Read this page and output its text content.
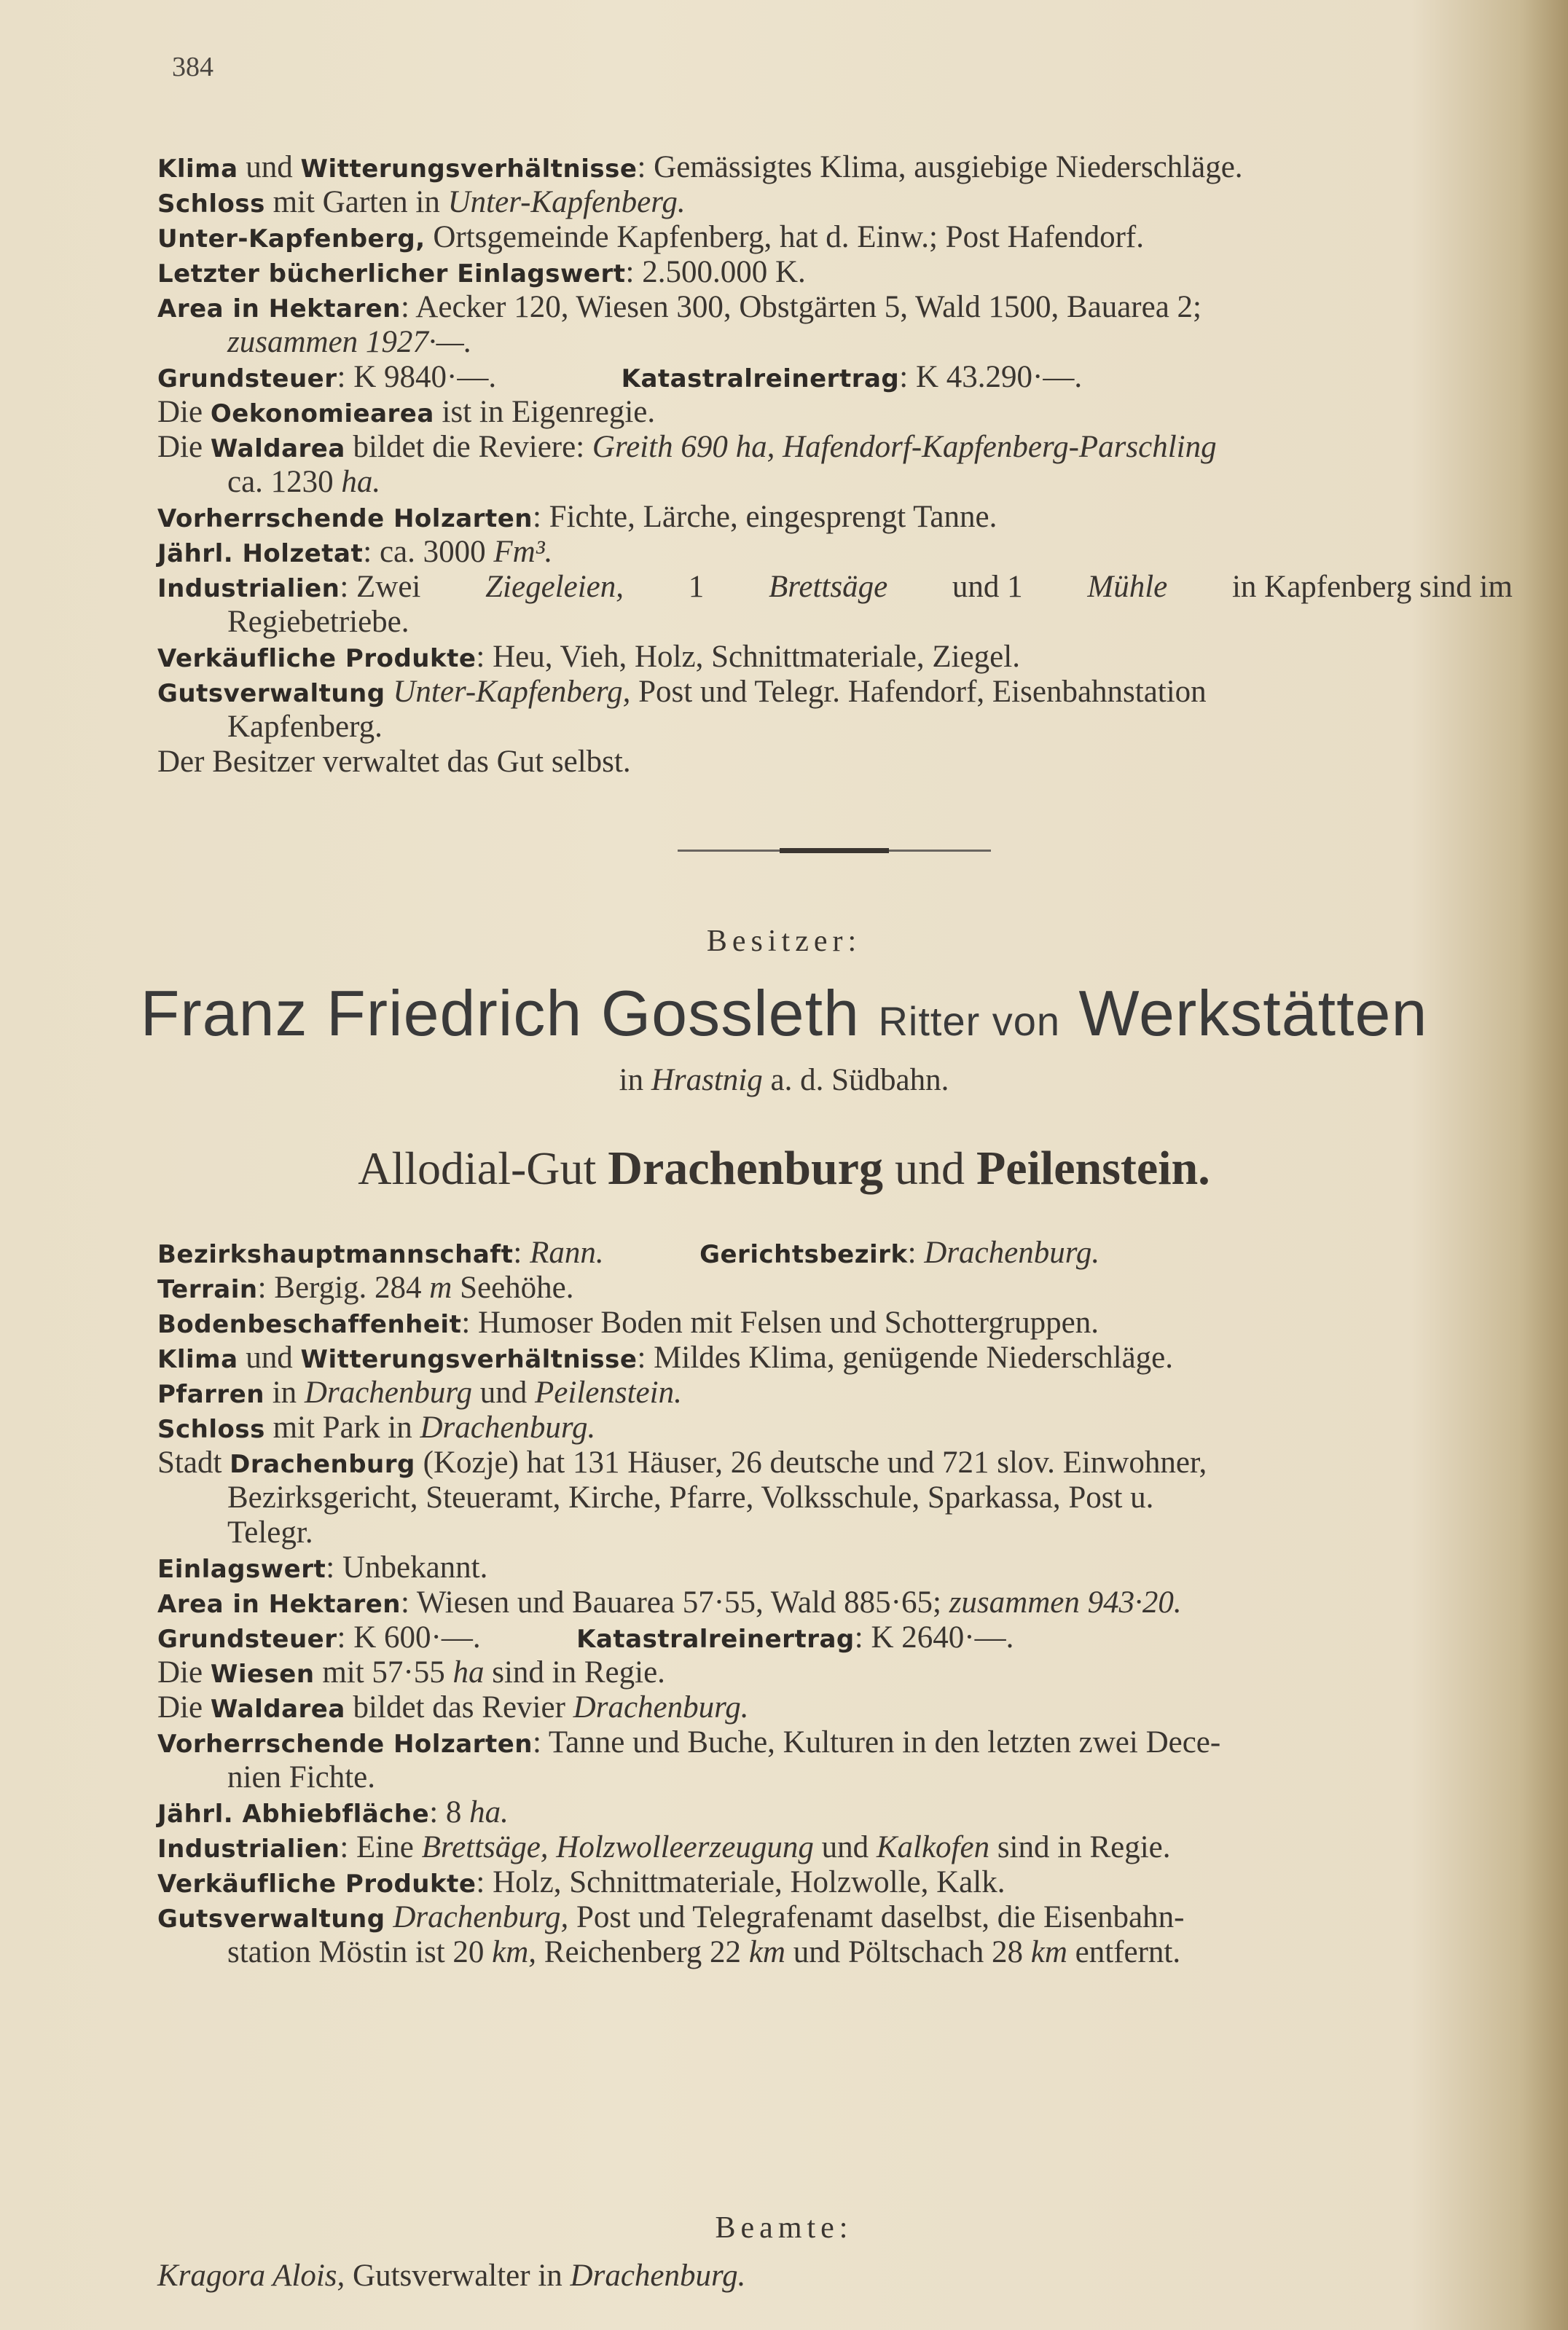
384
Klima und Witterungsverhältnisse: Gemässigtes Klima, ausgiebige Niederschläge.
Schloss mit Garten in Unter-Kapfenberg.
Unter-Kapfenberg, Ortsgemeinde Kapfenberg, hat d. Einw.; Post Hafendorf.
Letzter bücherlicher Einlagswert: 2.500.000 K.
Area in Hektaren: Aecker 120, Wiesen 300, Obstgärten 5, Wald 1500, Bauarea 2;
zusammen 1927·—.
Grundsteuer: K 9840·—.	Katastralreinertrag: K 43.290·—.
Die Oekonomiearea ist in Eigenregie.
Die Waldarea bildet die Reviere: Greith 690 ha, Hafendorf-Kapfenberg-Parschling
ca. 1230 ha.
Vorherrschende Holzarten: Fichte, Lärche, eingesprengt Tanne.
Jährl. Holzetat: ca. 3000 Fm³.
Industrialien: Zwei Ziegeleien, 1 Brettsäge und 1 Mühle in Kapfenberg sind im
Regiebetriebe.
Verkäufliche Produkte: Heu, Vieh, Holz, Schnittmateriale, Ziegel.
Gutsverwaltung Unter-Kapfenberg, Post und Telegr. Hafendorf, Eisenbahnstation
Kapfenberg.
Der Besitzer verwaltet das Gut selbst.
Besitzer:
Franz Friedrich Gossleth Ritter von Werkstätten
in Hrastnig a. d. Südbahn.
Allodial-Gut Drachenburg und Peilenstein.
Bezirkshauptmannschaft: Rann.	Gerichtsbezirk: Drachenburg.
Terrain: Bergig. 284 m Seehöhe.
Bodenbeschaffenheit: Humoser Boden mit Felsen und Schottergruppen.
Klima und Witterungsverhältnisse: Mildes Klima, genügende Niederschläge.
Pfarren in Drachenburg und Peilenstein.
Schloss mit Park in Drachenburg.
Stadt Drachenburg (Kozje) hat 131 Häuser, 26 deutsche und 721 slov. Einwohner,
Bezirksgericht, Steueramt, Kirche, Pfarre, Volksschule, Sparkassa, Post u.
Telegr.
Einlagswert: Unbekannt.
Area in Hektaren: Wiesen und Bauarea 57·55, Wald 885·65; zusammen 943·20.
Grundsteuer: K 600·—.	Katastralreinertrag: K 2640·—.
Die Wiesen mit 57·55 ha sind in Regie.
Die Waldarea bildet das Revier Drachenburg.
Vorherrschende Holzarten: Tanne und Buche, Kulturen in den letzten zwei Dece-
nien Fichte.
Jährl. Abhiebfläche: 8 ha.
Industrialien: Eine Brettsäge, Holzwolleerzeugung und Kalkofen sind in Regie.
Verkäufliche Produkte: Holz, Schnittmateriale, Holzwolle, Kalk.
Gutsverwaltung Drachenburg, Post und Telegrafenamt daselbst, die Eisenbahn-
station Möstin ist 20 km, Reichenberg 22 km und Pöltschach 28 km entfernt.
Beamte:
Kragora Alois, Gutsverwalter in Drachenburg.
